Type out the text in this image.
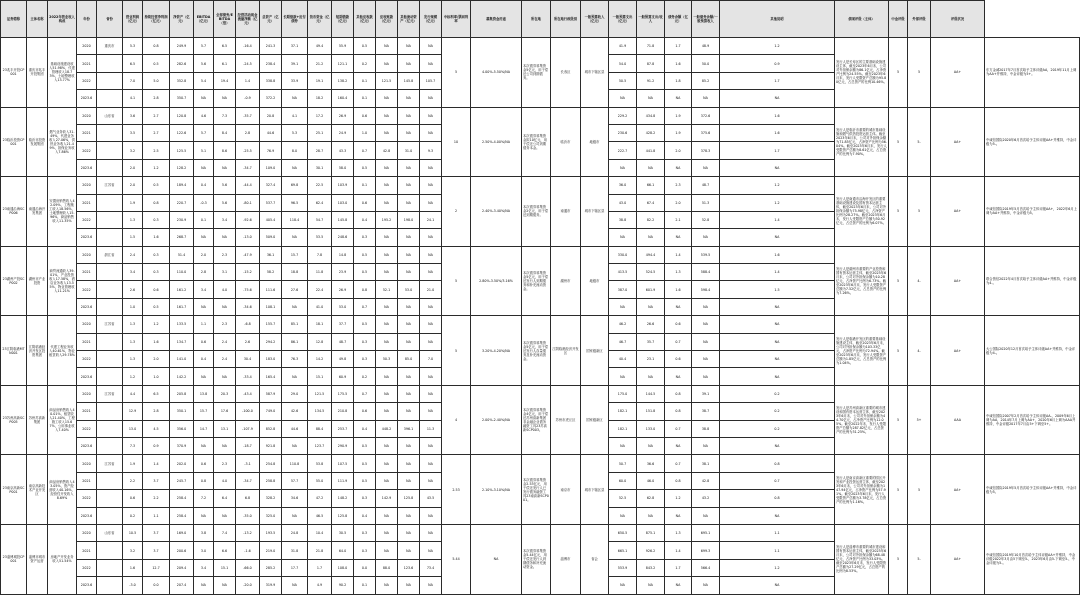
证券简称	主体名称	2022年营业收入构成	年份	省份	营业利润（亿元）	持续经营净利润（亿元）	净资产（亿元）	EBITDA（亿元）	全部债务/EBITDA（倍）	经营活动现金流量净额（亿元）	总资产（亿元）	长期借款+应付债券	货币资金（亿元）	短期借款（亿元）	其他应收款（亿元）	应收账款（亿元）	其他流动资产（亿元）	发行规模（亿元）	中标利率/票面利率	募集资金用途	所在地	所在地行政级别	一般预算收入（亿元）	一般预算支出（亿元）	一般预算支出/收入	债务余额（亿元）	一般债务余额/一般预算收入	其他说明	债项评级（主体）	中金评级	外部评级	评级状况	
23兆丰开投CP001	重庆市兆丰开投集团	基础设施建设收入51.98%，代建管理收入18.73%，土地整理收入13.77%	2020	重庆市	5.3	0.8	249.9	5.7	6.5	-16.4	241.3	37.1	49.4	55.9	0.5	NA	NA	NA	5	4.00%-5.50%/NA	本次债券募集资金5亿元，用于偿还公司到期债务。	长寿区	城市下辖区县	41.9	71.8	1.7	48.9	1.2	发行人是长寿区的主要基础设施建设主体，截至2023年6月末，公司对外担保余额为86.1亿元，占净资产比例为24.55%。截至2023年6月末，发行人受限资产总额为95.80亿元，占总资产的比例10.46%。	5	5	AA+	东方金诚2017年7月首次给予主体评级AA，2019年11月上调为AA+并维持，中金评级为5+。
			2021		6.5	0.5	282.6	5.6	6.1	-24.5	238.4	39.1	21.2	121.1	0.2	NA	NA	NA						54.0	87.8	1.6	50.0	0.9					
			2022		7.0	5.0	352.8	5.4	19.4	1.4	338.8	33.9	19.1	138.2	0.1	121.5	145.8	105.7						50.5	91.2	1.8	85.2	1.7					
			2023.6		4.1	2.8	350.7	NA	NA	-0.9	372.2	NA	18.2	160.4	0.1	NA	NA	NA						NA	NA	NA	NA	NA					
23临沂投资CP001	临沂市投资发展集团	燃气业务收入31.49%，代建业务收入27.06%，供热业务收入21.49%，担保业务收入7.86%	2020	山东省	3.6	2.7	120.8	4.6	7.3	-35.7	20.8	4.1	17.2	26.9	0.6	NA	NA	NA	10	2.50%-4.00%/NA	本次债券募集资金拟10亿元，用于偿还公司到期债务本金。	临沂市	地级市	229.2	434.8	1.9	372.6	1.6	发行人是临沂市重要的城市基础设施和燃气供热投资运营主体。截至2023年6月末，公司对外担保余额为71.85亿元，占净资产比例为56.04%。截至2023年6月末，发行人受限资产总额为8.61亿元，占总资产的比例为7.90%。	5	5-	AA+	中诚信国际2020年6月首次给予主体评级AA+并维持，中金评级为5-。
			2021		3.5	2.7	122.6	5.7	8.4	2.8	44.6	5.3	25.1	24.9	1.0	NA	NA	NA						230.6	428.2	1.9	375.6	1.6					
			2022		3.2	2.5	125.5	5.1	8.6	-25.5	76.9	8.0	28.7	43.3	0.7	42.8	31.0	9.3						222.7	441.8	2.0	378.3	1.7					
			2023.6		2.0	1.2	128.2	NA	NA	-34.7	109.0	NA	30.1	58.0	0.5	NA	NA	NA						NA	NA	NA	NA	NA					
23南通沿海SCP006	南通沿海开发集团	安置房销售收入42.09%，工程施工收入18.56%，土地整理收入15.96%，商品销售收入11.35%	2020	江苏省	2.0	0.5	189.4	0.4	5.6	-44.4	327.4	69.8	22.5	103.9	0.1	NA	NA	NA	2	2.40%-3.40%/NA	本次债券募集资金2亿元，用于偿还到期债务。	南通市	城市下辖区县	36.0	66.1	2.3	48.7	1.2	发行人是南通市沿海开发区的重要基础设施建设及国有资本运营主体，截至2023年6月末，公司对外担保余额为75.98亿元，占净资产比例为28.27%。截至2023年6月末，发行人受限资产总额为30.92亿元，占总资产的比例为6.07%。	5	5	AA+	中诚信国际2019年5月首次给予主体评级AA+，2022年6月上调为AA+并维持，中金评级为5。
			2021		1.9	0.8	220.7	-0.3	5.6	-80.1	537.7	96.5	62.4	103.0	0.6	NA	NA	NA						43.0	67.4	2.0	51.3	1.2					
			2022		1.3	0.3	230.9	0.1	3.4	-92.6	405.4	118.4	54.7	145.8	0.4	195.2	198.0	24.1						38.8	82.2	2.1	52.8	1.4					
			2023.6		1.5	1.6	268.7	NA	NA	-13.0	509.0	NA	53.5	248.6	0.3	NA	NA	NA						NA	NA	NA	NA	NA					
23湖州产投SCP002	湖州市产业投资	商贸流通收入39.01%，产业投资收入17.58%，酒店业务收入13.55%，物业管理收入11.21%	2020	浙江省	2.4	0.3	51.4	2.0	2.3	-47.9	36.1	15.7	7.8	14.8	0.5	NA	NA	NA	5	2.80%-3.50%/3.16%	本次债券募集资金5亿元，用于偿还发行人到期债务和补充流动资金。	湖州市	地级市	330.0	494.4	1.4	539.5	1.6	发行人是湖州市重要的产业投资和国有资本运营主体，截至2023年6月末，公司对外担保余额为10.28亿元，占净资产比例为6.73%。截至2023年6月末，发行人受限资产总额为7.52亿元，占总资产的比例为7.26%。	5	4-	AA+	联合资信2022年4月首次给予主体评级AA+并维持，中金评级为4-。
			2021		3.4	0.3	110.0	2.8	3.1	-15.2	58.2	18.8	11.8	23.9	0.5	NA	NA	NA						413.5	524.5	1.3	588.4	1.4					
			2022		2.6	0.6	161.2	3.4	4.0	-75.6	111.6	27.6	22.4	26.9	0.8	52.1	53.0	21.0						387.0	601.9	1.6	598.4	1.5					
			2023.6		1.0	0.5	161.7	NA	NA	-34.6	108.1	NA	41.0	53.0	0.7	NA	NA	NA						NA	NA	NA	NA	NA					
23江阴临港MTN001	江阴临港经济开发区投资集团	代建工程业务收入40.61%，物业租赁收入29.78%	2020	江苏省	1.3	1.2	133.5	1.1	2.3	-6.8	155.7	85.1	18.1	37.7	0.5	NA	NA	NA	5	3.20%-4.20%/NA	本次债券募集资金5亿元，用于偿还发行人存量债务及补充流动资金。	江阴临港经济开发区	国家级新区	46.2	26.6	0.6	NA	NA	发行人是临港开发区的重要基础设施建设主体，截至2023年6月末，公司对外担保余额为103.33亿元，占净资产比例为72.94%。截至2023年6月末，发行人受限资产总额为1.85亿元，占总资产的比例为1.04%。	5	4-	AA+	大公国际2020年12月首次给予主体评级AA+并维持，中金评级为4-。
			2021		1.3	1.6	134.7	0.6	2.4	2.6	294.2	86.1	12.8	48.7	0.3	NA	NA	NA						46.7	35.7	0.7	NA	NA					
			2022		1.3	2.0	141.0	0.4	2.4	30.4	183.0	76.3	14.2	49.8	0.3	50.3	85.0	7.0						40.4	23.1	0.6	NA	NA					
			2023.6		1.2	1.0	142.2	NA	NA	-33.4	165.4	NA	15.1	60.9	0.2	NA	NA	NA						NA	NA	NA	NA	NA					
23苏州高新SCP005	苏州苏高新集团	商品房销售收入40.01%，租赁收入21.40%，工程施工收入15.67%，公用事业收入7.40%	2020	江苏省	4.4	6.5	205.8	13.8	20.3	-43.4	587.9	29.0	121.5	175.5	0.7	NA	NA	NA	4	2.00%-2.40%/NA	本次债券募集资金4亿元，用于偿还苏州高新集团非金融企业债务融资工具23苏高新SCP003。	苏州市虎丘区	国家级新区	175.0	144.5	0.8	39.1	0.2	发行人是苏州高新区重要的城市建设和国有资本运营主体，截至2023年6月末，公司对外担保余额为44.70亿元，占净资产比例为12.05%。截至2022年末，发行人受限资产总额为287.82亿元，占总资产的比例为31.25%。	5	5+	AAA	中诚信国际2007年2月首次给予主体评级AA-，2009年6月上调为AA，2014年7月上调为AA+，2020年6月上调为AAA并维持，中金评级2017年7月由5+下调至5+。
			2021		12.9	2.8	350.1	15.7	17.6	-100.0	749.0	42.6	134.5	210.8	0.6	NA	NA	NA						182.1	151.8	0.8	38.7	0.2					
			2022		13.0	4.5	356.0	14.7	13.1	-107.9	852.8	44.6	88.4	253.7	0.4	448.2	396.1	11.3						182.1	133.0	0.7	38.8	0.2					
			2023.6		7.3	0.9	370.9	NA	NA	-18.7	921.8	NA	123.7	290.9	0.5	NA	NA	NA						NA	NA	NA	NA	NA					
23南京高新SCP001	南京高新技术产业开发区	商品房销售收入43.05%，资产经营收入40.16%，经营性开发收入8.69%	2020	江苏省	1.9	1.4	202.0	0.6	2.3	-3.1	254.8	110.8	53.8	107.5	0.5	NA	NA	NA	2.53	2.10%-3.10%/NA	本次债券募集资金2.53亿元，用于偿还发行人已发行债务融资工具23南高新SCP001。	南京市	城市下辖区县	50.7	36.6	0.7	38.1	0.8	发行人是南京高新区重要的园区开发和产业投资运营主体，截至2023年6月末，公司对外担保余额为147.94亿元，占净资产比例为57.91%。截至2023年6月末，发行人受限资产总额为3.78亿元，占总资产的比例为1.16%。	5	5	AA+	中诚信国际2019年5月首次给予主体评级AA+并维持，中金评级为5。
			2021		2.2	3.7	245.7	0.8	4.0	-34.7	258.8	57.7	55.0	111.9	0.5	NA	NA	NA						60.0	46.0	0.8	42.8	0.7					
			2022		0.6	2.2	258.4	7.2	6.4	6.8	328.2	34.6	47.2	148.2	0.3	142.9	125.8	43.5						52.5	62.8	1.2	43.2	0.8					
			2023.6		0.2	1.1	258.4	NA	NA	-35.0	325.0	NA	46.5	125.8	0.4	NA	NA	NA						NA	NA	NA	NA	NA					
23淄博城投CP001	淄博市城市资产运营	房地产开发业务收入51.54%	2020	山东省	10.5	3.7	169.0	3.8	7.4	-13.2	193.5	24.8	10.4	30.5	0.3	NA	NA	NA	5.44	NA	本次债券募集资金5.44亿元，用于偿还发行人到期债务和补充流动资金。	淄博市	省会	650.5	875.1	1.3	695.1	1.1	发行人是淄博市重要的城市建设和国有资本运营主体，截至2023年6月末，公司对外担保余额为68.48亿元，占净资产比例为33.03%。截至2023年6月末，发行人受限资产总额为27.29亿元，占总资产的比例为8.53%。	5	5-	AA+	中诚信国际2019年10月首次给予主体评级AA+并维持，中金评级2022年3月由5下调至5-，2023年6月由5-下调至5-，中金评级为5-。
			2021		3.2	3.7	200.6	3.0	6.6	-1.6	219.0	31.8	21.8	64.0	0.3	NA	NA	NA						665.1	926.2	1.4	699.3	1.1					
			2022		1.6	12.7	209.4	3.4	15.1	-66.0	285.2	17.7	1.7	108.0	0.0	88.0	123.6	73.4						553.9	843.2	1.7	566.4	1.2					
			2023.6		-3.0	0.0	207.4	NA	NA	-20.0	319.9	NA	4.9	90.2	0.1	NA	NA	NA						NA	NA	NA	NA	NA					
